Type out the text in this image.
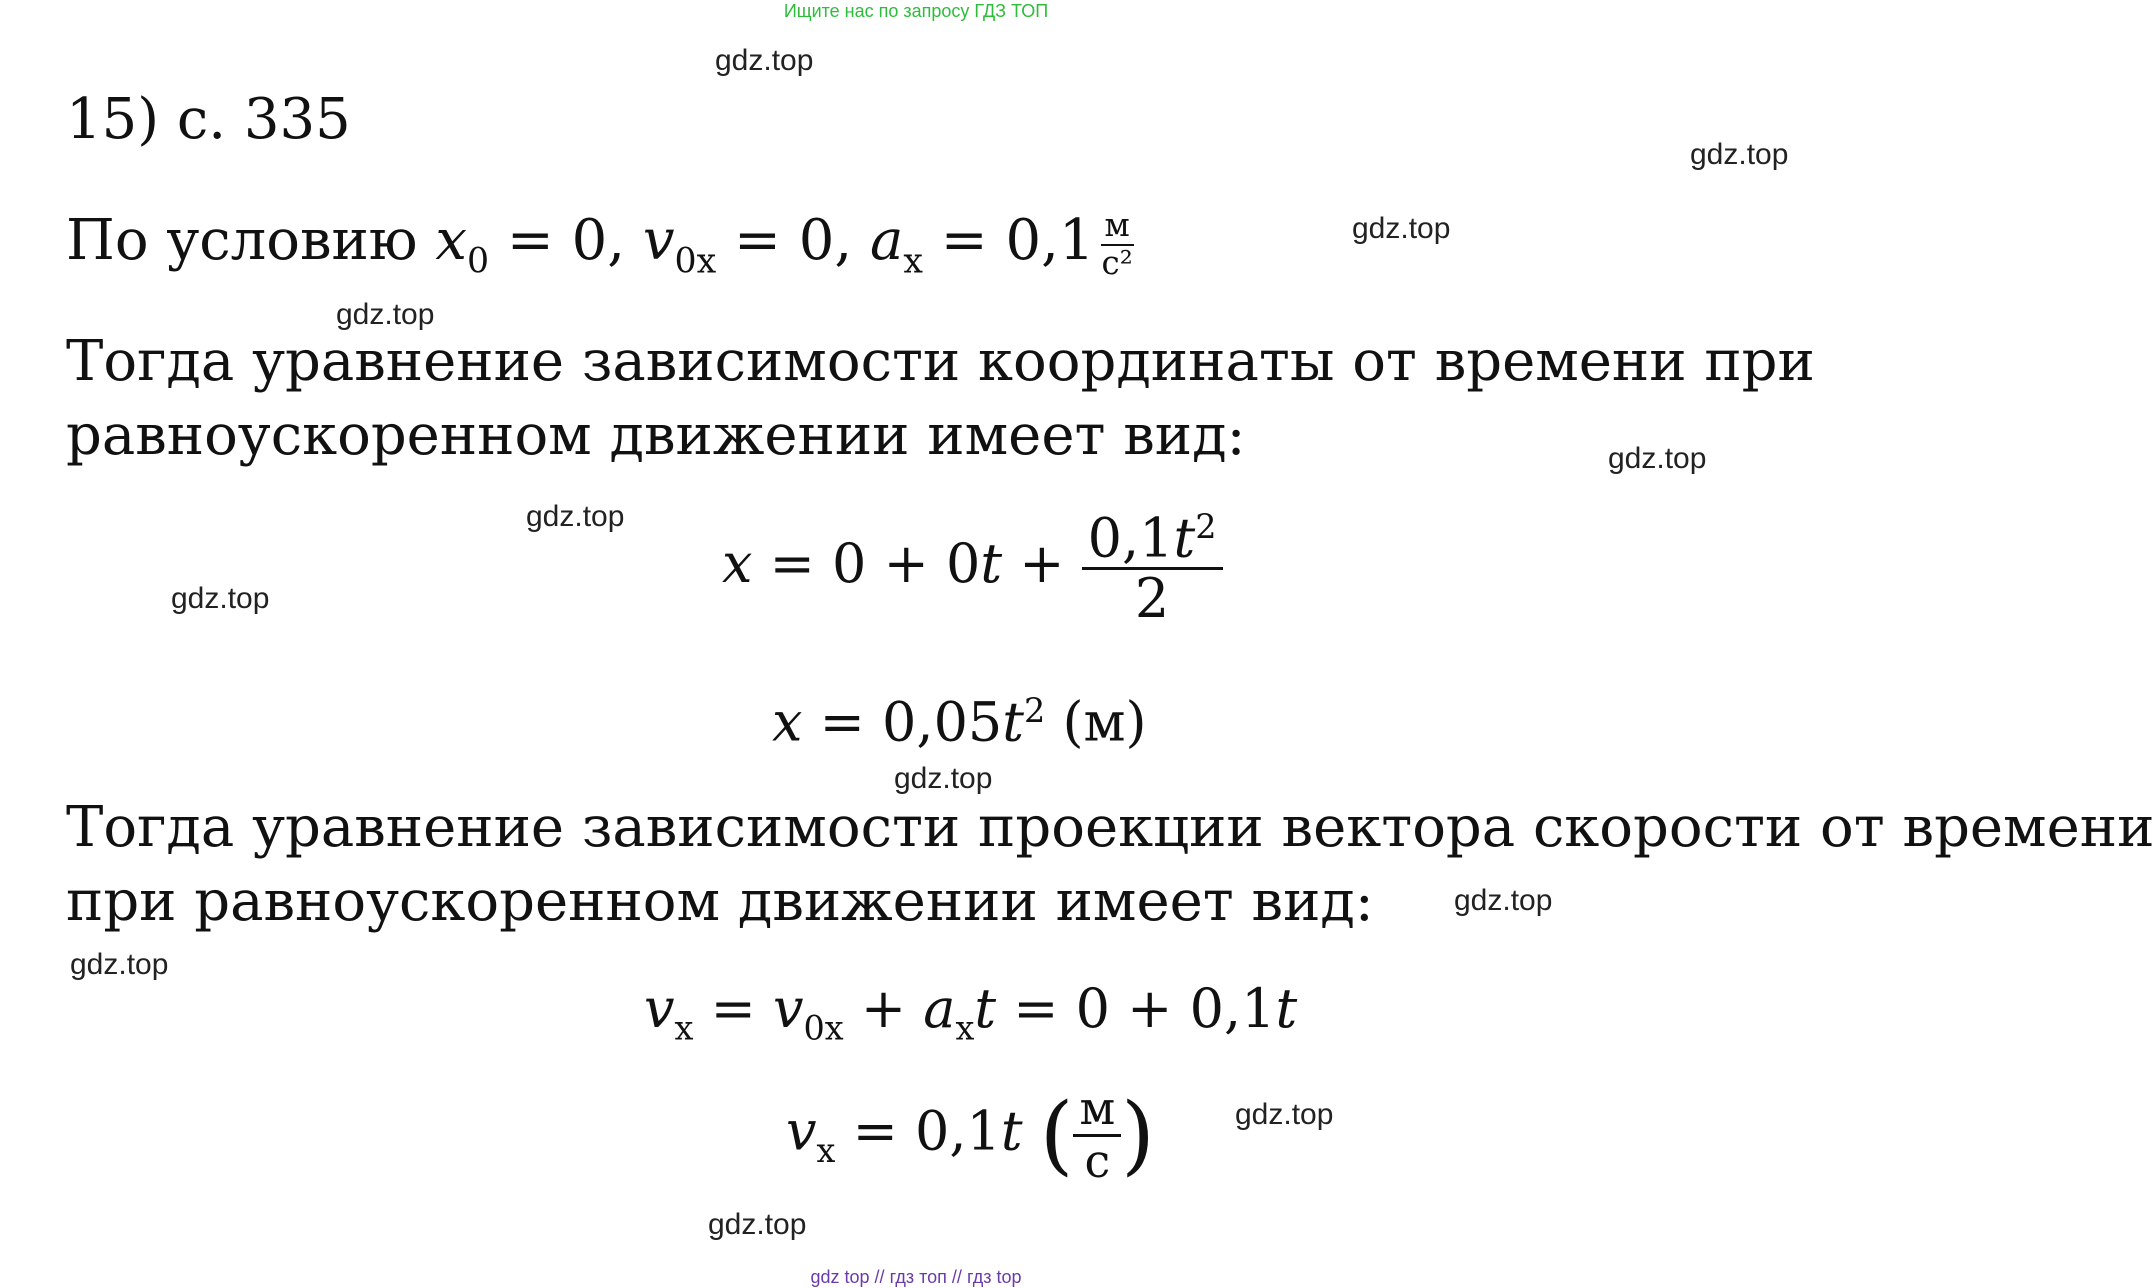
Ищите нас по запросу ГДЗ ТОП
gdz.top
gdz.top
gdz.top
gdz.top
gdz.top
gdz.top
gdz.top
gdz.top
gdz.top
gdz.top
gdz.top
gdz.top
15) с. 335
По условию $x_0 = 0$, $v_{0x} = 0$, $a_x = 0,1 \frac{м}{\text{с²}}$
Тогда уравнение зависимости координаты от времени при
равноускоренном движении имеет вид:
$x = 0 + 0t + \frac{0,1t^2}{2}$
$x = 0,05t^2$ (м)
Тогда уравнение зависимости проекции вектора скорости от времени
при равноускоренном движении имеет вид:
$v_x = v_{0x} + a_xt = 0 + 0,1t$
$v_x = 0,1t$ ( $\frac{м}{с}$ )
gdz top // гдз топ // гдз top
